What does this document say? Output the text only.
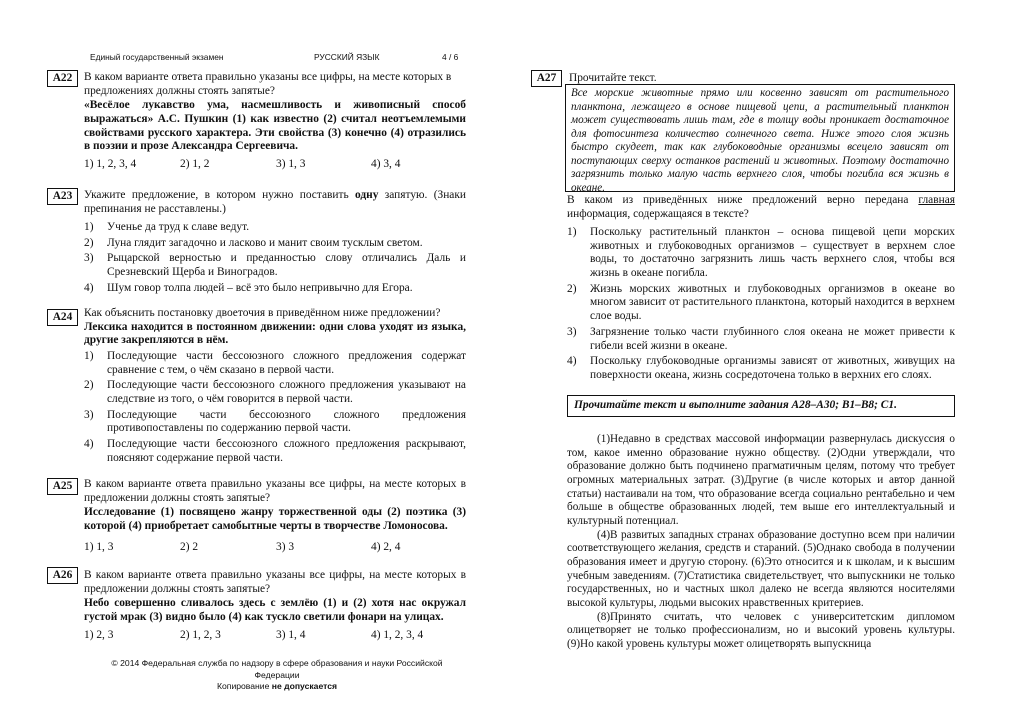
Единый государственный экзамен	РУССКИЙ ЯЗЫК	4 / 6
А22	В каком варианте ответа правильно указаны все цифры, на месте которых в
предложениях должны стоять запятые?
«Весёлое лукавство ума, насмешливость и живописный способ выражаться» А.С. Пушкин (1) как известно (2) считал неотъемлемыми свойствами русского характера. Эти свойства (3) конечно (4) отразились в поэзии и прозе Александра Сергеевича.
1) 1, 2, 3, 4	2) 1, 2	3) 1, 3	4) 3, 4
А23	Укажите предложение, в котором нужно поставить одну запятую. (Знаки препинания не расставлены.)
1) Ученье да труд к славе ведут.
2) Луна глядит загадочно и ласково и манит своим тусклым светом.
3) Рыцарской верностью и преданностью слову отличались Даль и Срезневский Щерба и Виноградов.
4) Шум говор толпа людей – всё это было непривычно для Егора.
А24	Как объяснить постановку двоеточия в приведённом ниже предложении?
Лексика находится в постоянном движении: одни слова уходят из языка, другие закрепляются в нём.
1) Последующие части бессоюзного сложного предложения содержат сравнение с тем, о чём сказано в первой части.
2) Последующие части бессоюзного сложного предложения указывают на следствие из того, о чём говорится в первой части.
3) Последующие части бессоюзного сложного предложения противопоставлены по содержанию первой части.
4) Последующие части бессоюзного сложного предложения раскрывают, поясняют содержание первой части.
А25	В каком варианте ответа правильно указаны все цифры, на месте которых в предложении должны стоять запятые?
Исследование (1) посвящено жанру торжественной оды (2) поэтика (3) которой (4) приобретает самобытные черты в творчестве Ломоносова.
1) 1, 3	2) 2	3) 3	4) 2, 4
А26	В каком варианте ответа правильно указаны все цифры, на месте которых в предложении должны стоять запятые?
Небо совершенно сливалось здесь с землёю (1) и (2) хотя нас окружал густой мрак (3) видно было (4) как тускло светили фонари на улицах.
1) 2, 3	2) 1, 2, 3	3) 1, 4	4) 1, 2, 3, 4
© 2014 Федеральная служба по надзору в сфере образования и науки Российской Федерации
Копирование не допускается
А27	Прочитайте текст.
Все морские животные прямо или косвенно зависят от растительного планктона, лежащего в основе пищевой цепи, а растительный планктон может существовать лишь там, где в толщу воды проникает достаточное для фотосинтеза количество солнечного света. Ниже этого слоя жизнь быстро скудеет, так как глубоководные организмы всецело зависят от поступающих сверху останков растений и животных. Поэтому достаточно загрязнить только малую часть верхнего слоя, чтобы погибла вся жизнь в океане.
В каком из приведённых ниже предложений верно передана главная информация, содержащаяся в тексте?
1) Поскольку растительный планктон – основа пищевой цепи морских животных и глубоководных организмов – существует в верхнем слое воды, то достаточно загрязнить лишь часть верхнего слоя, чтобы вся жизнь в океане погибла.
2) Жизнь морских животных и глубоководных организмов в океане во многом зависит от растительного планктона, который находится в верхнем слое воды.
3) Загрязнение только части глубинного слоя океана не может привести к гибели всей жизни в океане.
4) Поскольку глубоководные организмы зависят от животных, живущих на поверхности океана, жизнь сосредоточена только в верхних его слоях.
Прочитайте текст и выполните задания А28–А30; В1–В8; С1.

(1)Недавно в средствах массовой информации развернулась дискуссия о том, какое именно образование нужно обществу. (2)Одни утверждали, что образование должно быть подчинено прагматичным целям, потому что требует огромных материальных затрат. (3)Другие (в числе которых и автор данной статьи) настаивали на том, что образование всегда социально рентабельно и чем больше в обществе образованных людей, тем выше его интеллектуальный и культурный потенциал.

(4)В развитых западных странах образование доступно всем при наличии соответствующего желания, средств и стараний. (5)Однако свобода в получении образования имеет и другую сторону. (6)Это относится и к школам, и к высшим учебным заведениям. (7)Статистика свидетельствует, что выпускники не только государственных, но и частных школ далеко не всегда являются носителями высокой культуры, людьми высоких нравственных критериев.

(8)Принято считать, что человек с университетским дипломом олицетворяет не только профессионализм, но и высокий уровень культуры. (9)Но какой уровень культуры может олицетворять выпускница
